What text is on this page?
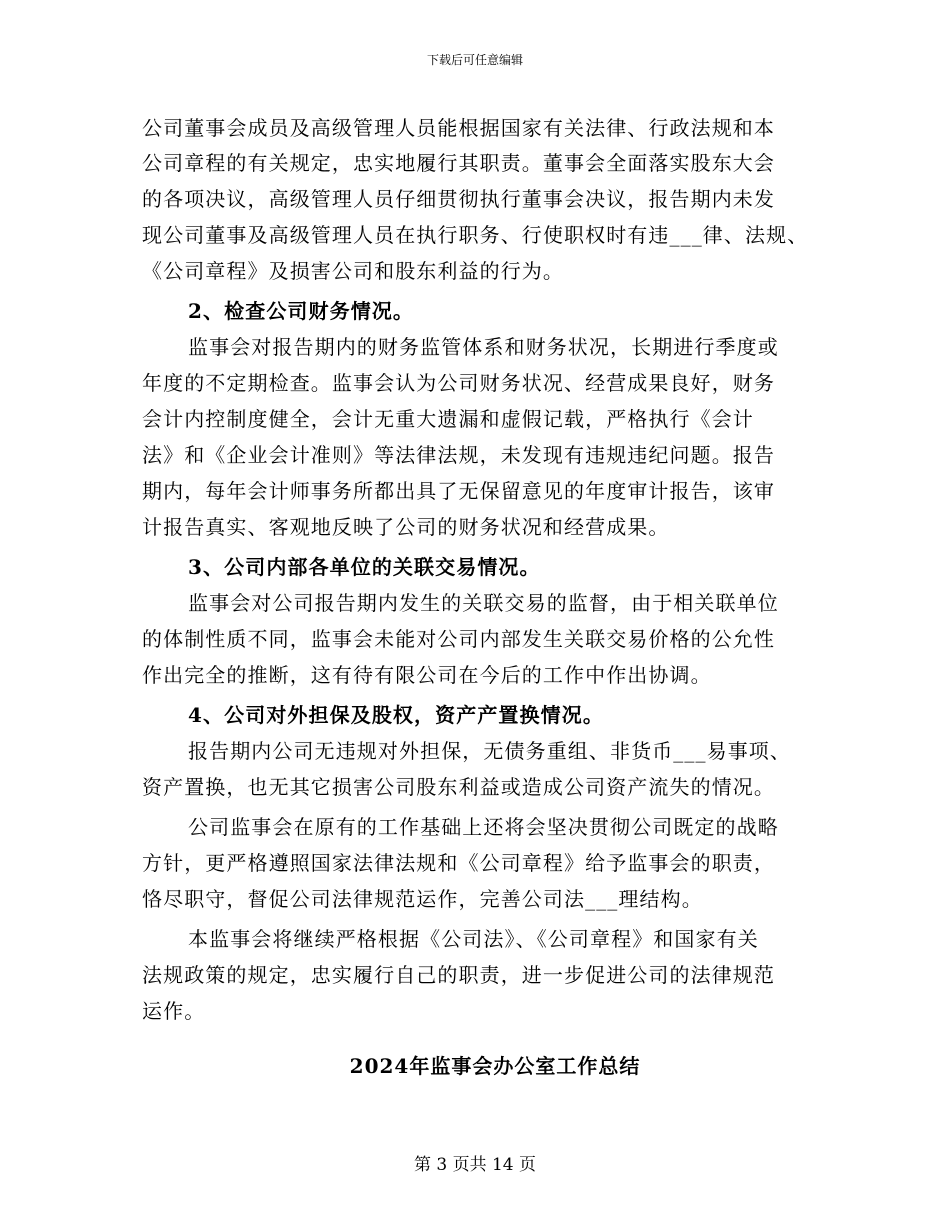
下载后可任意编辑
公司董事会成员及高级管理人员能根据国家有关法律、行政法规和本
公司章程的有关规定，忠实地履行其职责。董事会全面落实股东大会
的各项决议，高级管理人员仔细贯彻执行董事会决议，报告期内未发
现公司董事及高级管理人员在执行职务、行使职权时有违___律、法规、
《公司章程》及损害公司和股东利益的行为。
2、检查公司财务情况。
监事会对报告期内的财务监管体系和财务状况，长期进行季度或
年度的不定期检查。监事会认为公司财务状况、经营成果良好，财务
会计内控制度健全，会计无重大遗漏和虚假记载，严格执行《会计
法》和《企业会计准则》等法律法规，未发现有违规违纪问题。报告
期内，每年会计师事务所都出具了无保留意见的年度审计报告，该审
计报告真实、客观地反映了公司的财务状况和经营成果。
3、公司内部各单位的关联交易情况。
监事会对公司报告期内发生的关联交易的监督，由于相关联单位
的体制性质不同，监事会未能对公司内部发生关联交易价格的公允性
作出完全的推断，这有待有限公司在今后的工作中作出协调。
4、公司对外担保及股权，资产产置换情况。
报告期内公司无违规对外担保，无债务重组、非货币___易事项、
资产置换，也无其它损害公司股东利益或造成公司资产流失的情况。
公司监事会在原有的工作基础上还将会坚决贯彻公司既定的战略
方针，更严格遵照国家法律法规和《公司章程》给予监事会的职责，
恪尽职守，督促公司法律规范运作，完善公司法___理结构。
本监事会将继续严格根据《公司法》、《公司章程》和国家有关
法规政策的规定，忠实履行自己的职责，进一步促进公司的法律规范
运作。
2024年监事会办公室工作总结
第 3 页共 14 页
